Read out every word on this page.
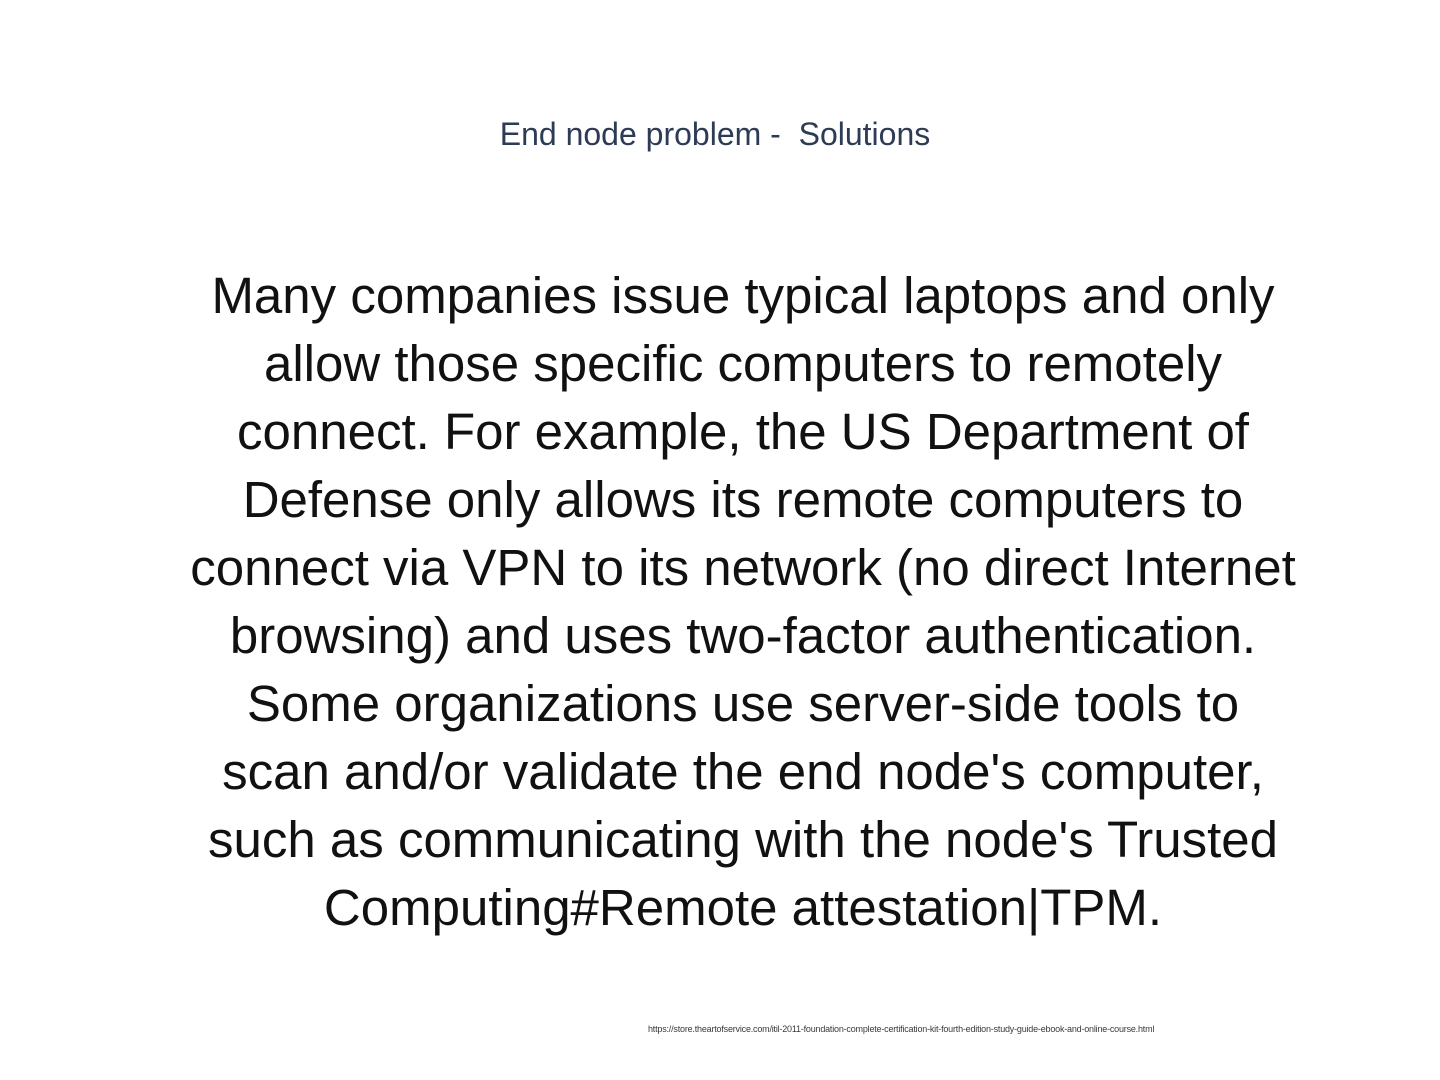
End node problem -  Solutions
Many companies issue typical laptops and only
allow those specific computers to remotely
connect. For example, the US Department of
Defense only allows its remote computers to
connect via VPN to its network (no direct Internet
browsing) and uses two-factor authentication.
Some organizations use server-side tools to
scan and/or validate the end node's computer,
such as communicating with the node's Trusted
Computing#Remote attestation|TPM.
https://store.theartofservice.com/itil-2011-foundation-complete-certification-kit-fourth-edition-study-guide-ebook-and-online-course.html
